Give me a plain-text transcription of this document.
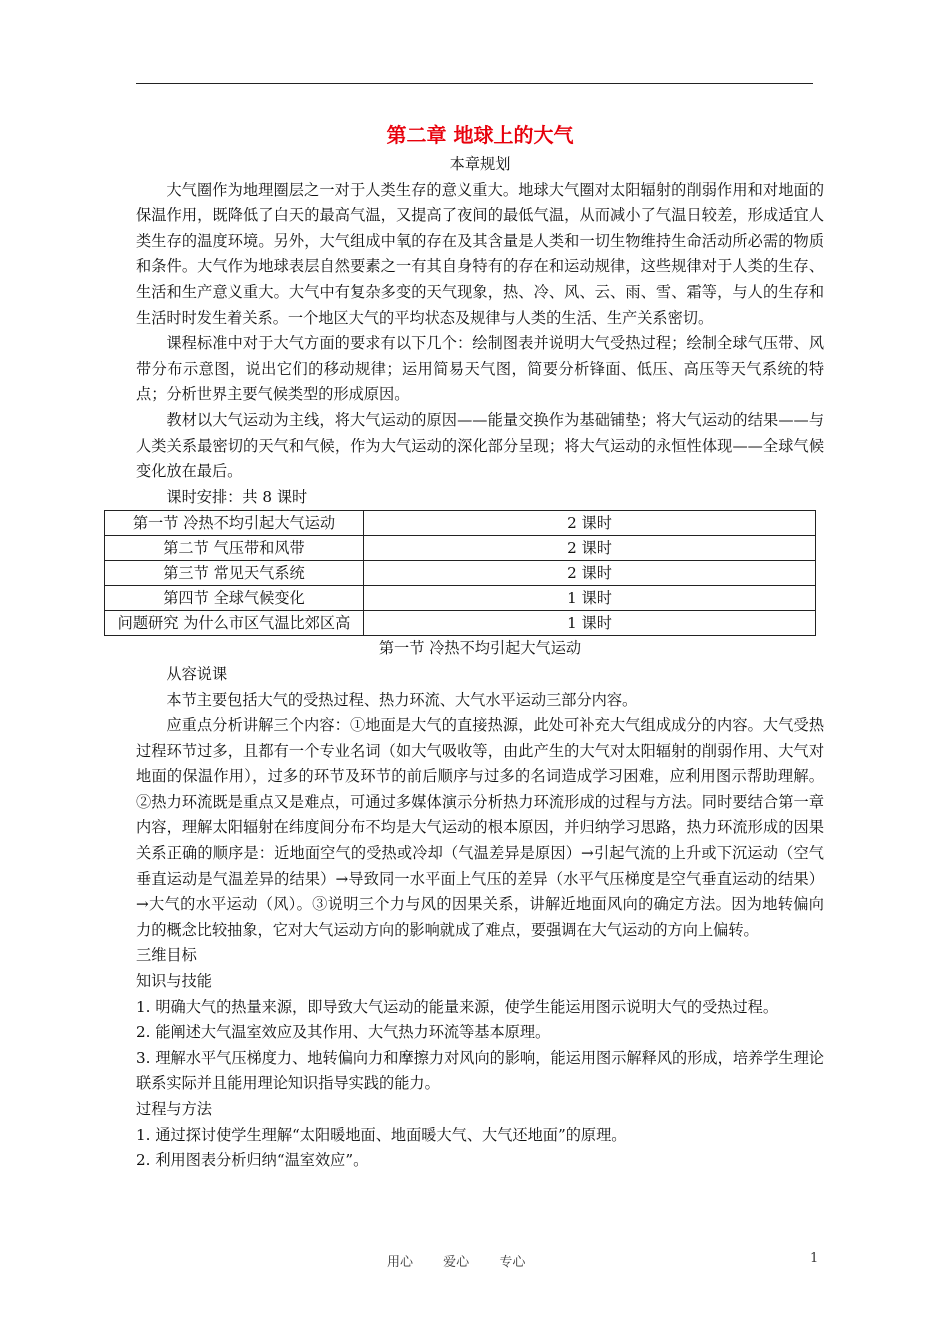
第二章 地球上的大气

本章规划

大气圈作为地理圈层之一对于人类生存的意义重大。地球大气圈对太阳辐射的削弱作用和对地面的保温作用，既降低了白天的最高气温，又提高了夜间的最低气温，从而减小了气温日较差，形成适宜人类生存的温度环境。另外，大气组成中氧的存在及其含量是人类和一切生物维持生命活动所必需的物质和条件。大气作为地球表层自然要素之一有其自身特有的存在和运动规律，这些规律对于人类的生存、生活和生产意义重大。大气中有复杂多变的天气现象，热、冷、风、云、雨、雪、霜等，与人的生存和生活时时发生着关系。一个地区大气的平均状态及规律与人类的生活、生产关系密切。

课程标准中对于大气方面的要求有以下几个：绘制图表并说明大气受热过程；绘制全球气压带、风带分布示意图，说出它们的移动规律；运用简易天气图，简要分析锋面、低压、高压等天气系统的特点；分析世界主要气候类型的形成原因。

教材以大气运动为主线，将大气运动的原因——能量交换作为基础铺垫；将大气运动的结果——与人类关系最密切的天气和气候，作为大气运动的深化部分呈现；将大气运动的永恒性体现——全球气候变化放在最后。

课时安排：共 8 课时

第一节 冷热不均引起大气运动	2 课时
第二节 气压带和风带	2 课时
第三节 常见天气系统	2 课时
第四节 全球气候变化	1 课时
问题研究 为什么市区气温比郊区高	1 课时

第一节 冷热不均引起大气运动

从容说课

本节主要包括大气的受热过程、热力环流、大气水平运动三部分内容。

应重点分析讲解三个内容：①地面是大气的直接热源，此处可补充大气组成成分的内容。大气受热过程环节过多，且都有一个专业名词（如大气吸收等，由此产生的大气对太阳辐射的削弱作用、大气对地面的保温作用），过多的环节及环节的前后顺序与过多的名词造成学习困难，应利用图示帮助理解。②热力环流既是重点又是难点，可通过多媒体演示分析热力环流形成的过程与方法。同时要结合第一章内容，理解太阳辐射在纬度间分布不均是大气运动的根本原因，并归纳学习思路，热力环流形成的因果关系正确的顺序是：近地面空气的受热或冷却（气温差异是原因）→引起气流的上升或下沉运动（空气垂直运动是气温差异的结果）→导致同一水平面上气压的差异（水平气压梯度是空气垂直运动的结果）→大气的水平运动（风）。③说明三个力与风的因果关系，讲解近地面风向的确定方法。因为地转偏向力的概念比较抽象，它对大气运动方向的影响就成了难点，要强调在大气运动的方向上偏转。

三维目标

知识与技能

1. 明确大气的热量来源，即导致大气运动的能量来源，使学生能运用图示说明大气的受热过程。

2. 能阐述大气温室效应及其作用、大气热力环流等基本原理。

3. 理解水平气压梯度力、地转偏向力和摩擦力对风向的影响，能运用图示解释风的形成，培养学生理论联系实际并且能用理论知识指导实践的能力。

过程与方法

1. 通过探讨使学生理解“太阳暖地面、地面暖大气、大气还地面”的原理。

2. 利用图表分析归纳“温室效应”。

用心 爱心 专心	1
